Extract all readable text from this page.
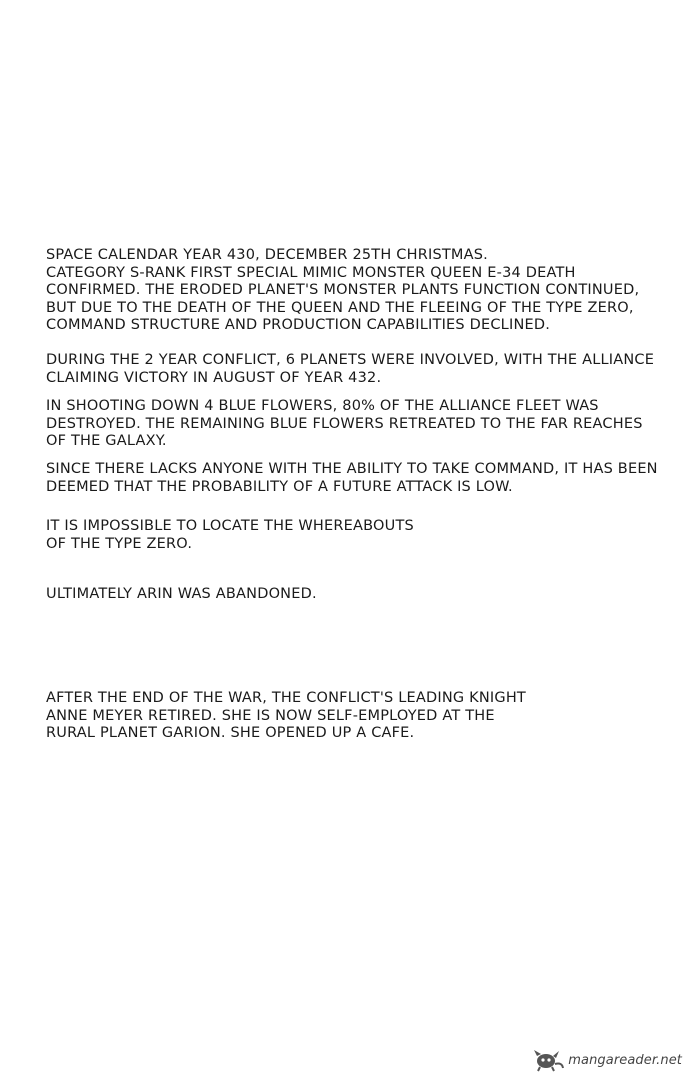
SPACE CALENDAR YEAR 430, DECEMBER 25TH CHRISTMAS.
CATEGORY S-RANK FIRST SPECIAL MIMIC MONSTER QUEEN E-34 DEATH
CONFIRMED. THE ERODED PLANET'S MONSTER PLANTS FUNCTION CONTINUED,
BUT DUE TO THE DEATH OF THE QUEEN AND THE FLEEING OF THE TYPE ZERO,
COMMAND STRUCTURE AND PRODUCTION CAPABILITIES DECLINED.
DURING THE 2 YEAR CONFLICT, 6 PLANETS WERE INVOLVED, WITH THE ALLIANCE
CLAIMING VICTORY IN AUGUST OF YEAR 432.
IN SHOOTING DOWN 4 BLUE FLOWERS, 80% OF THE ALLIANCE FLEET WAS
DESTROYED. THE REMAINING BLUE FLOWERS RETREATED TO THE FAR REACHES
OF THE GALAXY.
SINCE THERE LACKS ANYONE WITH THE ABILITY TO TAKE COMMAND, IT HAS BEEN
DEEMED THAT THE PROBABILITY OF A FUTURE ATTACK IS LOW.
IT IS IMPOSSIBLE TO LOCATE THE WHEREABOUTS
OF THE TYPE ZERO.
ULTIMATELY ARIN WAS ABANDONED.
AFTER THE END OF THE WAR, THE CONFLICT'S LEADING KNIGHT
ANNE MEYER RETIRED. SHE IS NOW SELF-EMPLOYED AT THE
RURAL PLANET GARION. SHE OPENED UP A CAFE.
mangareader.net
